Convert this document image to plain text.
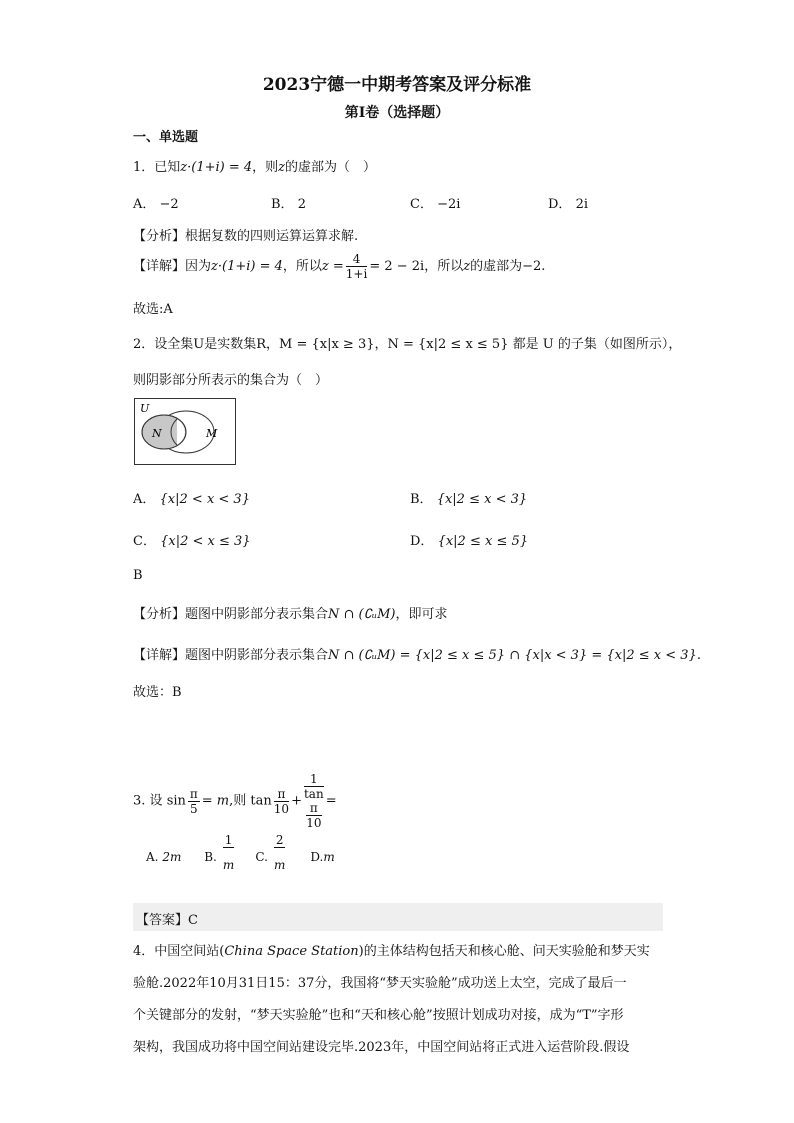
2023宁德一中期考答案及评分标准
第I卷（选择题）
一、单选题
1．已知z·(1+i) = 4，则z的虚部为（　）
A． −2	B． 2	C． −2i	D． 2i
【分析】根据复数的四则运算运算求解.
【详解】因为z·(1+i) = 4，所以$z = \frac{4}{1+i} = 2 - 2i$，所以z的虚部为−2.
故选:A
2．设全集U是实数集R，M = {x|x ≥ 3}，N = {x|2 ≤ x ≤ 5} 都是 U 的子集（如图所示），
则阴影部分所表示的集合为（　）
U
N	M
A． {x|2 < x < 3}	B． {x|2 ≤ x < 3}
C． {x|2 < x ≤ 3}	D． {x|2 ≤ x ≤ 5}
B
【分析】题图中阴影部分表示集合N ∩ (∁ᵤM)，即可求
【详解】题图中阴影部分表示集合N ∩ (∁ᵤM) = {x|2 ≤ x ≤ 5} ∩ {x|x < 3} = {x|2 ≤ x < 3}.
故选：B
3. 设 $\sin \frac{\pi}{5} = m$,则 $\tan \frac{\pi}{10} + 1$
tan
π
10 =
A. 2m B. $\frac{1}{m} C$. $\frac{2}{m} D.m$
【答案】C
4．中国空间站(China Space Station)的主体结构包括天和核心舱、问天实验舱和梦天实
验舱.2022年10月31日15：37分，我国将“梦天实验舱”成功送上太空，完成了最后一
个关键部分的发射，“梦天实验舱”也和“天和核心舱”按照计划成功对接，成为“T”字形
架构，我国成功将中国空间站建设完毕.2023年，中国空间站将正式进入运营阶段.假设
